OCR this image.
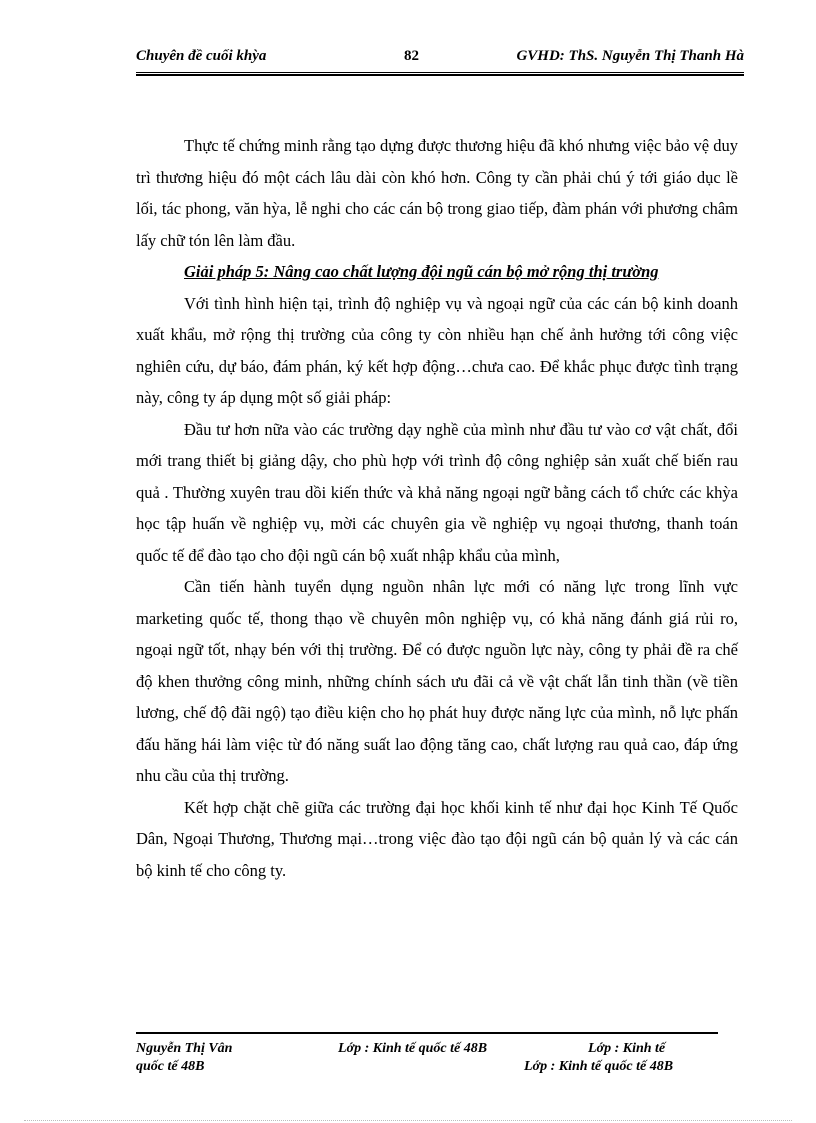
Chuyên đề cuối khỳa	82	GVHD: ThS. Nguyễn Thị Thanh Hà

Thực tế chứng minh rằng tạo dựng được thương hiệu đã khó nhưng việc bảo vệ duy trì thương hiệu đó một cách lâu dài còn khó hơn. Công ty cần phải chú ý tới giáo dục lề lối, tác phong, văn hỳa, lễ nghi cho các cán bộ trong giao tiếp, đàm phán với phương châm lấy chữ tón lên làm đầu.

Giải pháp 5: Nâng cao chất lượng đội ngũ cán bộ mở rộng thị trường

Với tình hình hiện tại, trình độ nghiệp vụ và ngoại ngữ của các cán bộ kinh doanh xuất khẩu, mở rộng thị trường của công ty còn nhiều hạn chế ảnh hưởng tới công việc nghiên cứu, dự báo, đám phán, ký kết hợp động…chưa cao. Để khắc phục được tình trạng này, công ty áp dụng một số giải pháp:

Đầu tư hơn nữa vào các trường dạy nghề của mình như đầu tư vào cơ vật chất, đổi mới trang thiết bị giảng dậy, cho phù hợp với trình độ công nghiệp sản xuất chế biến rau quả . Thường xuyên trau dồi kiến thức và khả năng ngoại ngữ bằng cách tổ chức các khỳa học tập huấn về nghiệp vụ, mời các chuyên gia về nghiệp vụ ngoại thương, thanh toán quốc tế để đào tạo cho đội ngũ cán bộ xuất nhập khẩu của mình,

Cần tiến hành tuyển dụng nguồn nhân lực mới có năng lực trong lĩnh vực marketing quốc tế, thong thạo về chuyên môn nghiệp vụ, có khả năng đánh giá rủi ro, ngoại ngữ tốt, nhạy bén với thị trường. Để có được nguồn lực này, công ty phải đề ra chế độ khen thưởng công minh, những chính sách ưu đãi cả về vật chất lẫn tinh thần (về tiền lương, chế độ đãi ngộ) tạo điều kiện cho họ phát huy được năng lực của mình, nỗ lực phấn đấu hăng hái làm việc từ đó năng suất lao động tăng cao, chất lượng rau quả cao, đáp ứng nhu cầu của thị trường.

Kết hợp chặt chẽ giữa các trường đại học khối kinh tế như đại học Kinh Tế Quốc Dân, Ngoại Thương, Thương mại…trong việc đào tạo đội ngũ cán bộ quản lý và các cán bộ kinh tế cho công ty.

Nguyễn Thị Vân	Lớp : Kinh tế quốc tế 48B	Lớp : Kinh tế
quốc tế 48B	Lớp : Kinh tế quốc tế 48B
